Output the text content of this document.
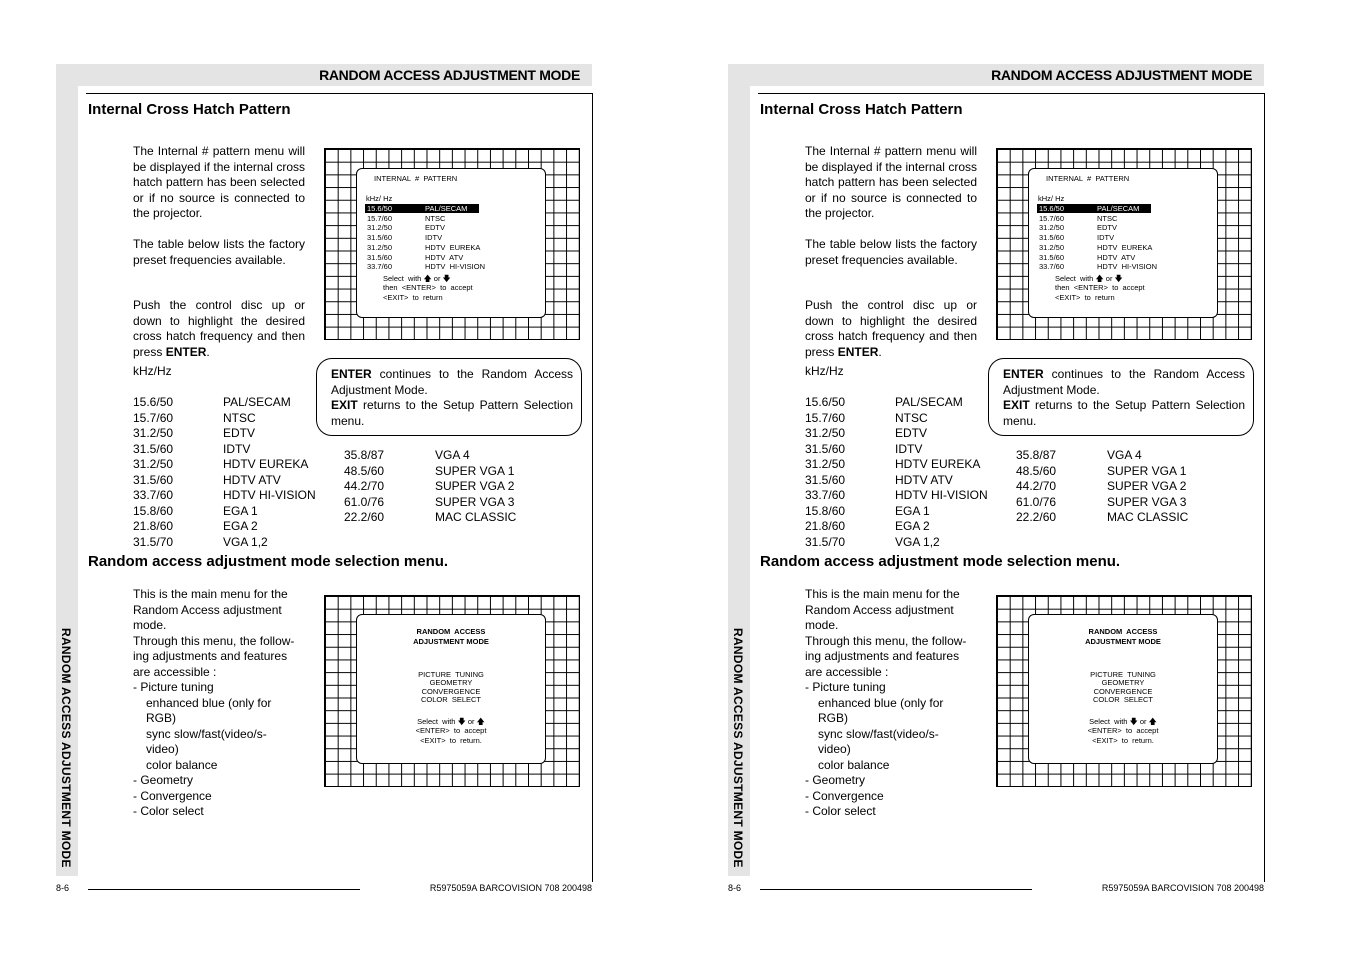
RANDOM ACCESS ADJUSTMENT MODE
RANDOM ACCESS ADJUSTMENT MODE
Internal Cross Hatch Pattern
The Internal # pattern menu will be displayed if the internal cross hatch pattern has been selected or if no source is connected to the projector.
The table below lists the factory preset frequencies available.
Push the control disc up or down to highlight the desired cross hatch frequency and then press ENTER.
INTERNAL  #  PATTERN
kHz/ Hz
15.6/50	PAL/SECAM
15.7/60	NTSC
31.2/50	EDTV
31.5/60	IDTV
31.2/50	HDTV  EUREKA
31.5/60	HDTV  ATV
33.7/60	HDTV  HI-VISION
Select  with 🡅 or 🡇
then  <ENTER>  to  accept
<EXIT>  to  return
ENTER continues to the Random Access Adjustment Mode.
EXIT returns to the Setup Pattern Selection menu.
kHz/Hz
15.6/50	PAL/SECAM
15.7/60	NTSC
31.2/50	EDTV
31.5/60	IDTV
31.2/50	HDTV EUREKA
31.5/60	HDTV ATV
33.7/60	HDTV HI-VISION
15.8/60	EGA 1
21.8/60	EGA 2
31.5/70	VGA 1,2
35.8/87	VGA 4
48.5/60	SUPER VGA 1
44.2/70	SUPER VGA 2
61.0/76	SUPER VGA 3
22.2/60	MAC CLASSIC
Random access adjustment mode selection menu.
This is the main menu for the
Random Access adjustment
mode.
Through this menu, the follow-
ing adjustments and features
are accessible :
- Picture tuning
enhanced blue (only for
RGB)
sync slow/fast(video/s-
video)
color balance
- Geometry
- Convergence
- Color select
RANDOM  ACCESS
ADJUSTMENT MODE
PICTURE  TUNING
GEOMETRY
CONVERGENCE
COLOR  SELECT
Select  with 🡇 or 🡅
<ENTER>  to  accept
<EXIT>  to  return.
8-6	R5975059A BARCOVISION 708 200498
RANDOM ACCESS ADJUSTMENT MODE
RANDOM ACCESS ADJUSTMENT MODE
Internal Cross Hatch Pattern
The Internal # pattern menu will be displayed if the internal cross hatch pattern has been selected or if no source is connected to the projector.
The table below lists the factory preset frequencies available.
Push the control disc up or down to highlight the desired cross hatch frequency and then press ENTER.
INTERNAL  #  PATTERN
kHz/ Hz
15.6/50	PAL/SECAM
15.7/60	NTSC
31.2/50	EDTV
31.5/60	IDTV
31.2/50	HDTV  EUREKA
31.5/60	HDTV  ATV
33.7/60	HDTV  HI-VISION
Select  with 🡅 or 🡇
then  <ENTER>  to  accept
<EXIT>  to  return
ENTER continues to the Random Access Adjustment Mode.
EXIT returns to the Setup Pattern Selection menu.
kHz/Hz
15.6/50	PAL/SECAM
15.7/60	NTSC
31.2/50	EDTV
31.5/60	IDTV
31.2/50	HDTV EUREKA
31.5/60	HDTV ATV
33.7/60	HDTV HI-VISION
15.8/60	EGA 1
21.8/60	EGA 2
31.5/70	VGA 1,2
35.8/87	VGA 4
48.5/60	SUPER VGA 1
44.2/70	SUPER VGA 2
61.0/76	SUPER VGA 3
22.2/60	MAC CLASSIC
Random access adjustment mode selection menu.
This is the main menu for the
Random Access adjustment
mode.
Through this menu, the follow-
ing adjustments and features
are accessible :
- Picture tuning
enhanced blue (only for
RGB)
sync slow/fast(video/s-
video)
color balance
- Geometry
- Convergence
- Color select
RANDOM  ACCESS
ADJUSTMENT MODE
PICTURE  TUNING
GEOMETRY
CONVERGENCE
COLOR  SELECT
Select  with 🡇 or 🡅
<ENTER>  to  accept
<EXIT>  to  return.
8-6	R5975059A BARCOVISION 708 200498
